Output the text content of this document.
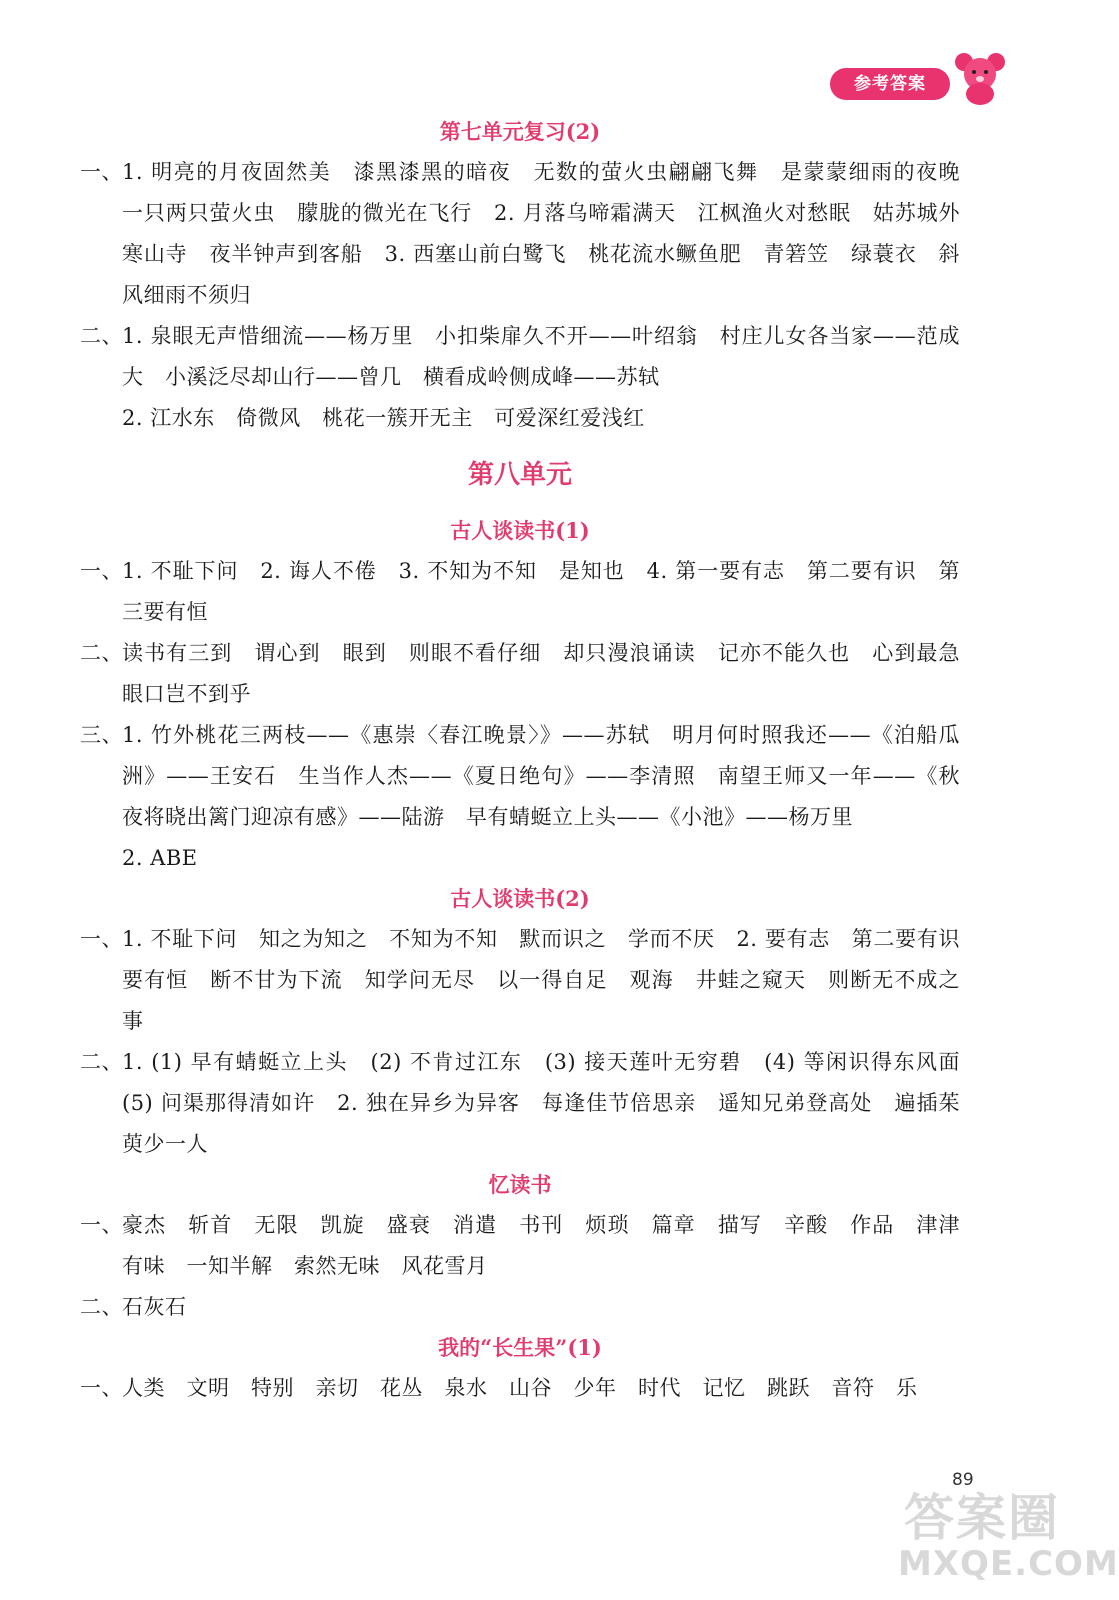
参考答案
第七单元复习(2)
一、 1. 明亮的月夜固然美　漆黑漆黑的暗夜　无数的萤火虫翩翩飞舞　是蒙蒙细雨的夜晚　一只两只萤火虫　朦胧的微光在飞行　2. 月落乌啼霜满天　江枫渔火对愁眠　姑苏城外寒山寺　夜半钟声到客船　3. 西塞山前白鹭飞　桃花流水鳜鱼肥　青箬笠　绿蓑衣　斜风细雨不须归
二、 1. 泉眼无声惜细流——杨万里　小扣柴扉久不开——叶绍翁　村庄儿女各当家——范成大　小溪泛尽却山行——曾几　横看成岭侧成峰——苏轼
2. 江水东　倚微风　桃花一簇开无主　可爱深红爱浅红
第八单元
古人谈读书(1)
一、 1. 不耻下问　2. 诲人不倦　3. 不知为不知　是知也　4. 第一要有志　第二要有识　第三要有恒
二、 读书有三到　谓心到　眼到　则眼不看仔细　却只漫浪诵读　记亦不能久也　心到最急　眼口岂不到乎
三、 1. 竹外桃花三两枝——《惠崇〈春江晚景〉》——苏轼　明月何时照我还——《泊船瓜洲》——王安石　生当作人杰——《夏日绝句》——李清照　南望王师又一年——《秋夜将晓出篱门迎凉有感》——陆游　早有蜻蜓立上头——《小池》——杨万里
2. ABE
古人谈读书(2)
一、 1. 不耻下问　知之为知之　不知为不知　默而识之　学而不厌　2. 要有志　第二要有识　要有恒　断不甘为下流　知学问无尽　以一得自足　观海　井蛙之窥天　则断无不成之事
二、 1. (1) 早有蜻蜓立上头　(2) 不肯过江东　(3) 接天莲叶无穷碧　(4) 等闲识得东风面　(5) 问渠那得清如许　2. 独在异乡为异客　每逢佳节倍思亲　遥知兄弟登高处　遍插茱萸少一人
忆读书
一、 豪杰　斩首　无限　凯旋　盛衰　消遣　书刊　烦琐　篇章　描写　辛酸　作品　津津有味　一知半解　索然无味　风花雪月
二、 石灰石
我的“长生果”(1)
一、 人类　文明　特别　亲切　花丛　泉水　山谷　少年　时代　记忆　跳跃　音符　乐
89
答案圈
MXQE.COM
